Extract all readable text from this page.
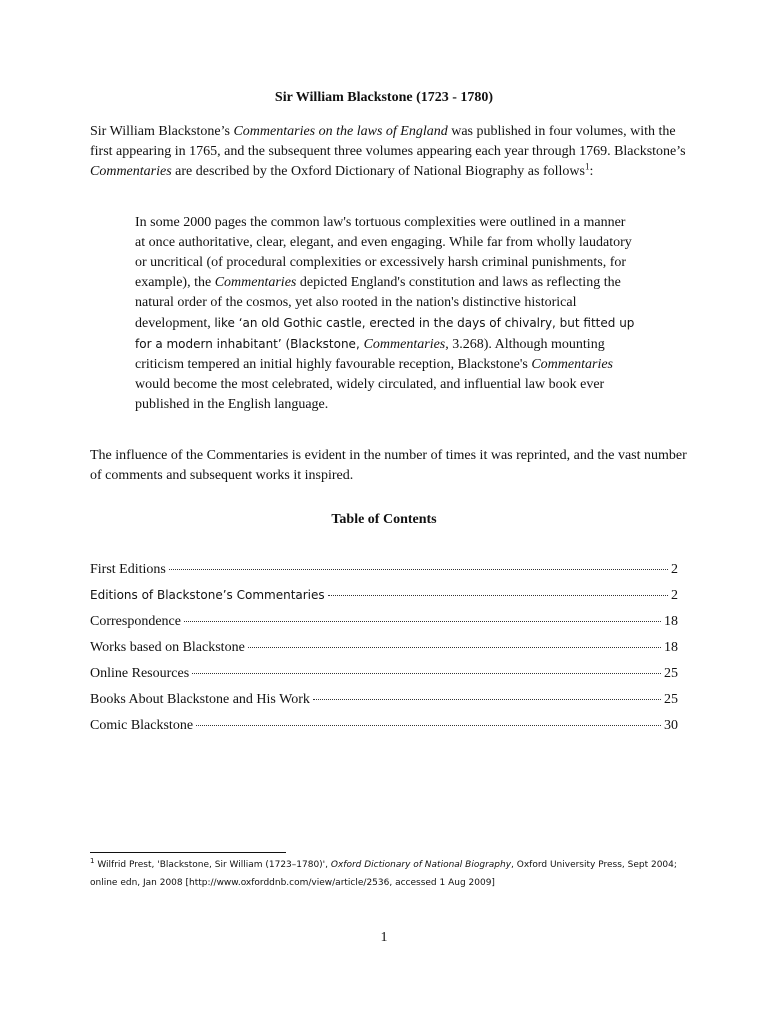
Sir William Blackstone (1723 - 1780)

Sir William Blackstone’s Commentaries on the laws of England was published in four volumes, with the first appearing in 1765, and the subsequent three volumes appearing each year through 1769. Blackstone’s Commentaries are described by the Oxford Dictionary of National Biography as follows$^1$:

In some 2000 pages the common law's tortuous complexities were outlined in a manner at once authoritative, clear, elegant, and even engaging. While far from wholly laudatory or uncritical (of procedural complexities or excessively harsh criminal punishments, for example), the Commentaries depicted England's constitution and laws as reflecting the natural order of the cosmos, yet also rooted in the nation's distinctive historical development, like ‘an old Gothic castle, erected in the days of chivalry, but fitted up for a modern inhabitant’ (Blackstone, Commentaries, 3.268). Although mounting criticism tempered an initial highly favourable reception, Blackstone's Commentaries would become the most celebrated, widely circulated, and influential law book ever published in the English language.

The influence of the Commentaries is evident in the number of times it was reprinted, and the vast number of comments and subsequent works it inspired.

Table of Contents
First Editions	2
Editions of Blackstone’s Commentaries	2
Correspondence	18
Works based on Blackstone	18
Online Resources	25
Books About Blackstone and His Work	25
Comic Blackstone	30

$^1$ Wilfrid Prest, 'Blackstone, Sir William (1723–1780)', Oxford Dictionary of National Biography, Oxford University Press, Sept 2004; online edn, Jan 2008 [http://www.oxforddnb.com/view/article/2536, accessed 1 Aug 2009]

1
